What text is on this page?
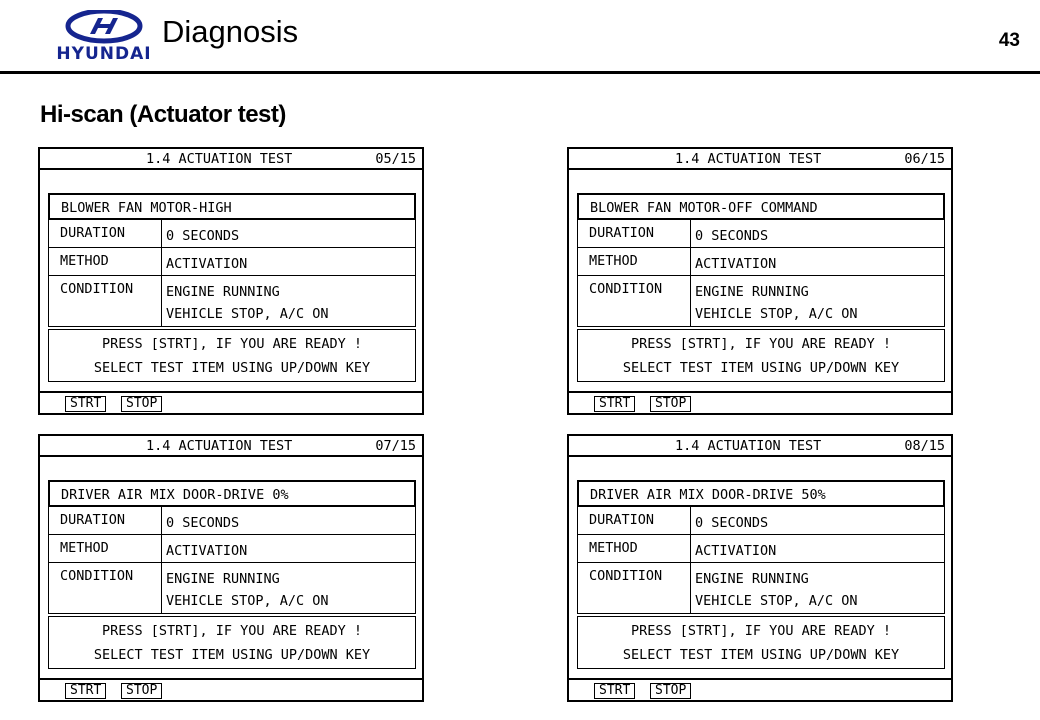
HYUNDAI
Diagnosis	43
Hi-scan (Actuator test)
1.4 ACTUATION TEST	05/15
BLOWER FAN MOTOR-HIGH
DURATION	0 SECONDS
METHOD	ACTIVATION
CONDITION ENGINE RUNNING
VEHICLE STOP, A/C ON
PRESS [STRT], IF YOU ARE READY !
SELECT TEST ITEM USING UP/DOWN KEY
STRT	STOP
1.4 ACTUATION TEST	06/15
BLOWER FAN MOTOR-OFF COMMAND
DURATION	0 SECONDS
METHOD	ACTIVATION
CONDITION ENGINE RUNNING
VEHICLE STOP, A/C ON
PRESS [STRT], IF YOU ARE READY !
SELECT TEST ITEM USING UP/DOWN KEY
STRT	STOP
1.4 ACTUATION TEST	07/15
DRIVER AIR MIX DOOR-DRIVE 0%
DURATION	0 SECONDS
METHOD	ACTIVATION
CONDITION ENGINE RUNNING
VEHICLE STOP, A/C ON
PRESS [STRT], IF YOU ARE READY !
SELECT TEST ITEM USING UP/DOWN KEY
STRT	STOP
1.4 ACTUATION TEST	08/15
DRIVER AIR MIX DOOR-DRIVE 50%
DURATION	0 SECONDS
METHOD	ACTIVATION
CONDITION ENGINE RUNNING
VEHICLE STOP, A/C ON
PRESS [STRT], IF YOU ARE READY !
SELECT TEST ITEM USING UP/DOWN KEY
STRT	STOP
